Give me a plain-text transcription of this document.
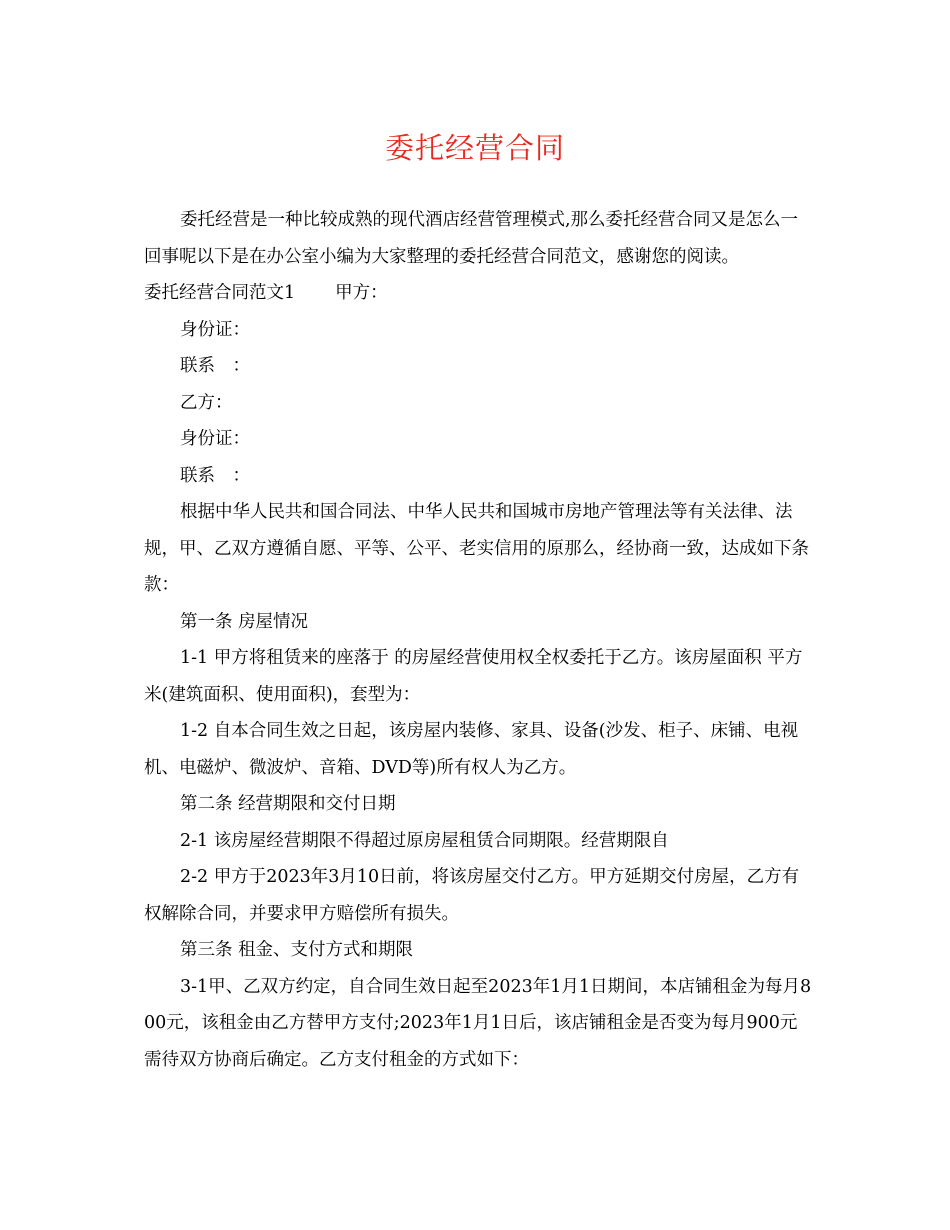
委托经营合同

委托经营是一种比较成熟的现代酒店经营管理模式,那么委托经营合同又是怎么一回事呢以下是在办公室小编为大家整理的委托经营合同范文，感谢您的阅读。

委托经营合同范文1 甲方：

身份证：

联系　：

乙方：

身份证：

联系　：

根据中华人民共和国合同法、中华人民共和国城市房地产管理法等有关法律、法规，甲、乙双方遵循自愿、平等、公平、老实信用的原那么，经协商一致，达成如下条款：

第一条 房屋情况

1-1 甲方将租赁来的座落于 的房屋经营使用权全权委托于乙方。该房屋面积 平方米(建筑面积、使用面积)，套型为：

1-2 自本合同生效之日起，该房屋内装修、家具、设备(沙发、柜子、床铺、电视机、电磁炉、微波炉、音箱、DVD等)所有权人为乙方。

第二条 经营期限和交付日期

2-1 该房屋经营期限不得超过原房屋租赁合同期限。经营期限自

2-2 甲方于2023年3月10日前，将该房屋交付乙方。甲方延期交付房屋，乙方有权解除合同，并要求甲方赔偿所有损失。

第三条 租金、支付方式和期限

3-1甲、乙双方约定，自合同生效日起至2023年1月1日期间，本店铺租金为每月800元，该租金由乙方替甲方支付;2023年1月1日后，该店铺租金是否变为每月900元需待双方协商后确定。乙方支付租金的方式如下：
